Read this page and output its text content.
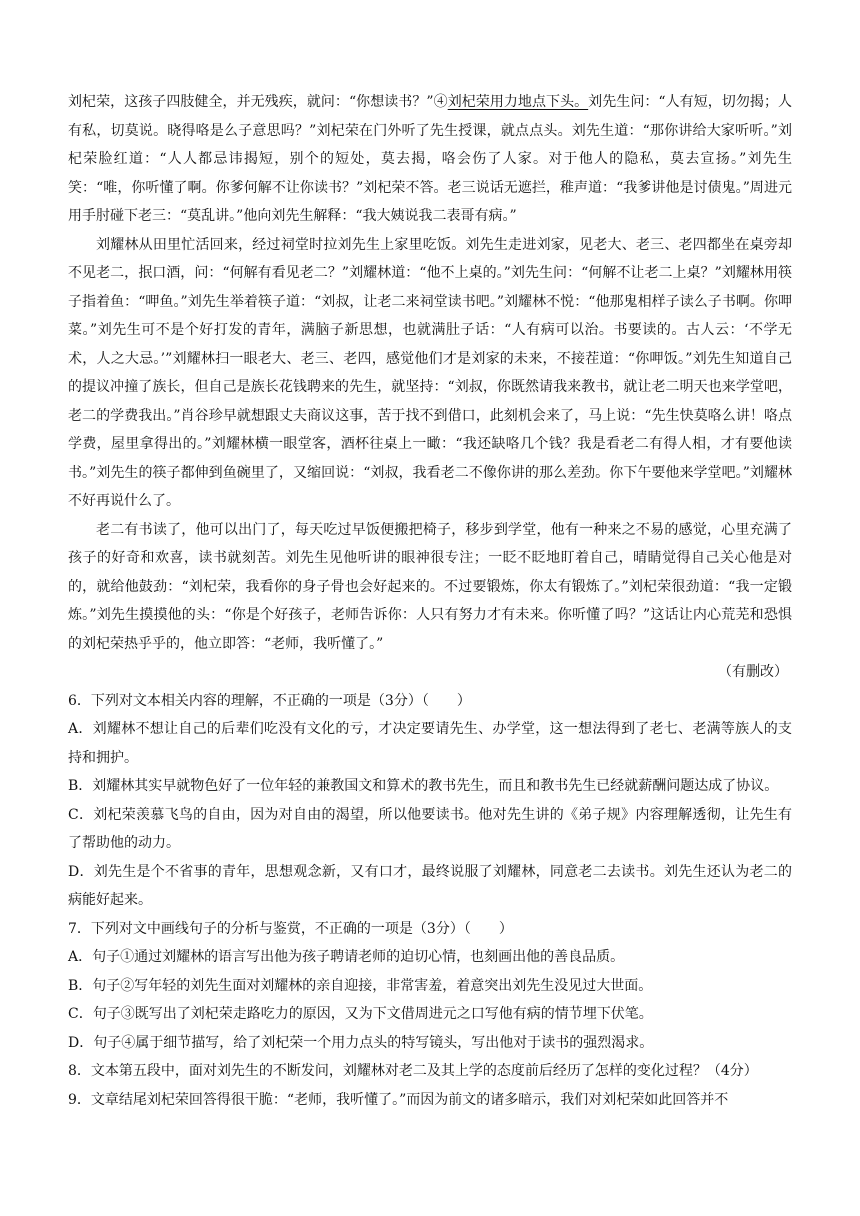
刘杞荣，这孩子四肢健全，并无残疾，就问：“你想读书？”④刘杞荣用力地点下头。刘先生问：“人有短，切勿揭；人有私，切莫说。晓得咯是么子意思吗？”刘杞荣在门外听了先生授课，就点点头。刘先生道：“那你讲给大家听听。”刘杞荣脸红道：“人人都忌讳揭短，别个的短处，莫去揭，咯会伤了人家。对于他人的隐私，莫去宣扬。”刘先生笑：“唯，你听懂了啊。你爹何解不让你读书？”刘杞荣不答。老三说话无遮拦，稚声道：“我爹讲他是讨债鬼。”周进元用手肘碰下老三：“莫乱讲。”他向刘先生解释：“我大姨说我二表哥有病。”

刘耀林从田里忙活回来，经过祠堂时拉刘先生上家里吃饭。刘先生走进刘家，见老大、老三、老四都坐在桌旁却不见老二，抿口酒，问：“何解有看见老二？”刘耀林道：“他不上桌的。”刘先生问：“何解不让老二上桌？”刘耀林用筷子指着鱼：“呷鱼。”刘先生举着筷子道：“刘叔，让老二来祠堂读书吧。”刘耀林不悦：“他那鬼相样子读么子书啊。你呷菜。”刘先生可不是个好打发的青年，满脑子新思想，也就满肚子话：“人有病可以治。书要读的。古人云：‘不学无术，人之大忌。’”刘耀林扫一眼老大、老三、老四，感觉他们才是刘家的未来，不接茬道：“你呷饭。”刘先生知道自己的提议冲撞了族长，但自己是族长花钱聘来的先生，就坚持：“刘叔，你既然请我来教书，就让老二明天也来学堂吧，老二的学费我出。”肖谷珍早就想跟丈夫商议这事，苦于找不到借口，此刻机会来了，马上说：“先生快莫咯么讲！咯点学费，屋里拿得出的。”刘耀林横一眼堂客，酒杯往桌上一瞰：“我还缺咯几个钱？我是看老二有得人相，才有要他读书。”刘先生的筷子都伸到鱼碗里了，又缩回说：“刘叔，我看老二不像你讲的那么差劲。你下午要他来学堂吧。”刘耀林不好再说什么了。

老二有书读了，他可以出门了，每天吃过早饭便搬把椅子，移步到学堂，他有一种来之不易的感觉，心里充满了孩子的好奇和欢喜，读书就刻苦。刘先生见他听讲的眼神很专注；一眨不眨地盯着自己，晴睛觉得自己关心他是对的，就给他鼓劲：“刘杞荣，我看你的身子骨也会好起来的。不过要锻炼，你太有锻炼了。”刘杞荣很劲道：“我一定锻炼。”刘先生摸摸他的头：“你是个好孩子，老师告诉你：人只有努力才有未来。你听懂了吗？”这话让内心荒芜和恐惧的刘杞荣热乎乎的，他立即答：“老师，我听懂了。”

（有删改）

6．下列对文本相关内容的理解，不正确的一项是（3分）（　　）

A．刘耀林不想让自己的后辈们吃没有文化的亏，才决定要请先生、办学堂，这一想法得到了老七、老满等族人的支持和拥护。

B．刘耀林其实早就物色好了一位年轻的兼教国文和算术的教书先生，而且和教书先生已经就薪酬问题达成了协议。

C．刘杞荣羡慕飞鸟的自由，因为对自由的渴望，所以他要读书。他对先生讲的《弟子规》内容理解透彻，让先生有了帮助他的动力。

D．刘先生是个不省事的青年，思想观念新，又有口才，最终说服了刘耀林，同意老二去读书。刘先生还认为老二的病能好起来。

7．下列对文中画线句子的分析与鉴赏，不正确的一项是（3分）（　　）

A．句子①通过刘耀林的语言写出他为孩子聘请老师的迫切心情，也刻画出他的善良品质。

B．句子②写年轻的刘先生面对刘耀林的亲自迎接，非常害羞，着意突出刘先生没见过大世面。

C．句子③既写出了刘杞荣走路吃力的原因，又为下文借周进元之口写他有病的情节埋下伏笔。

D．句子④属于细节描写，给了刘杞荣一个用力点头的特写镜头，写出他对于读书的强烈渴求。

8．文本第五段中，面对刘先生的不断发问，刘耀林对老二及其上学的态度前后经历了怎样的变化过程？（4分）

9．文章结尾刘杞荣回答得很干脆：“老师，我听懂了。”而因为前文的诸多暗示，我们对刘杞荣如此回答并不
